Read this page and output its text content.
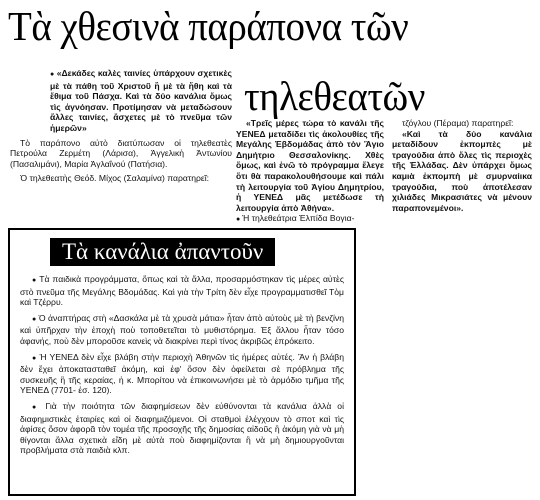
Τὰ χθεσινὰ παράπονα τῶν
τηλεθεατῶν

● «Δεκάδες καλὲς ταινίες ὑπάρχουν σχετικὲς μὲ τὰ πάθη τοῦ Χριστοῦ ἢ μὲ τὰ ἤθη καὶ τὰ ἔθιμα τοῦ Πάσχα. Καὶ τὰ δύο κανάλια ὅμως τὶς ἀγνόησαν. Προτίμησαν νὰ μεταδώσουν ἄλλες ταινίες, ἄσχετες μὲ τὸ πνεῦμα τῶν ἡμερῶν»

Τὸ παράπονο αὐτὸ διατύπωσαν οἱ τηλεθεατὲς Πετρούλα Ζερμέτη (Λάρισα), Ἀγγελικὴ Ἀντωνίου (Πασαλιμάνι), Μαρία Ἀγλαΐνού (Πατήσια).

Ὁ τηλεθεατὴς Θεόδ. Μίχος (Σαλαμίνα) παρατηρεῖ:

«Τρεῖς μέρες τώρα τὸ κανάλι τῆς ΥΕΝΕΔ μεταδίδει τὶς ἀκολουθίες τῆς Μεγάλης Ἑβδομάδας ἀπὸ τὸν Ἅγιο Δημήτριο Θεσσαλονίκης. Χθὲς ὅμως, καὶ ἐνῶ τὸ πρόγραμμα ἔλεγε ὅτι θὰ παρακολουθήσουμε καὶ πάλι τὴ λειτουργία τοῦ Ἁγίου Δημητρίου, ἡ ΥΕΝΕΔ μᾶς μετέδωσε τὴ λειτουργία ἀπὸ Ἀθήνα».

● Ἡ τηλεθεάτρια Ἐλπίδα Βογια-

τζόγλου (Πέραμα) παρατηρεῖ:

«Καὶ τὰ δύο κανάλια μεταδίδουν ἐκπομπὲς μὲ τραγούδια ἀπὸ ὅλες τὶς περιοχὲς τῆς Ἑλλάδας. Δὲν ὑπάρχει ὅμως καμιὰ ἐκπομπὴ μὲ σμυρναίικα τραγούδια, ποὺ ἀποτέλεσαν χιλιάδες Μικρασιάτες νὰ μένουν παραπονεμένοι».

Τὰ κανάλια ἀπαντοῦν

● Τὰ παιδικὰ προγράμματα, ὅπως καὶ τὰ ἄλλα, προσαρμόστηκαν τὶς μέρες αὐτὲς στὸ πνεῦμα τῆς Μεγάλης Βδομάδας. Καὶ γιὰ τὴν Τρίτη δὲν εἶχε προγραμματισθεῖ Τὸμ καὶ Τζέρρυ.

● Ὁ ἀναπτήρας στὴ «Δασκάλα μὲ τὰ χρυσὰ μάτια» ἦταν ἀπὸ αὐτοὺς μὲ τὴ βενζίνη καὶ ὑπῆρχαν τὴν ἐποχὴ ποὺ τοποθετεῖται τὸ μυθιστόρημα. Ἐξ ἄλλου ἦταν τόσο ἀφανής, ποὺ δὲν μποροῦσε κανεὶς νὰ διακρίνει περὶ τίνος ἀκριβῶς ἐπρόκειτο.

● Ἡ ΥΕΝΕΔ δὲν εἶχε βλάβη στὴν περιοχὴ Ἀθηνῶν τὶς ἡμέρες αὐτές. Ἂν ἡ βλάβη δὲν ἔχει ἀποκατασταθεῖ ἀκόμη, καὶ ἐφ' ὅσον δὲν ὀφείλεται σὲ πρόβλημα τῆς συσκευῆς ἢ τῆς κεραίας, ἡ κ. Μπορίτου νὰ ἐπικοινωνήσει μὲ τὸ ἁρμόδιο τμῆμα τῆς ΥΕΝΕΔ (7701- ἐσ. 120).

● Γιὰ τὴν ποιότητα τῶν διαφημίσεων δὲν εὐθύνονται τὰ κανάλια ἀλλὰ οἱ διαφημιστικὲς ἑταιρίες καὶ οἱ διαφημιζόμενοι. Οἱ σταθμοὶ ἐλέγχουν τὸ σποτ καὶ τὶς ἀφίσες ὅσον ἀφορᾶ τὸν τομέα τῆς προσοχῆς τῆς δημοσίας αἰδοῦς ἢ ἀκόμη γιὰ νὰ μὴ θίγονται ἄλλα σχετικὰ εἴδη μὲ αὐτὰ ποὺ διαφημίζονται ἢ νὰ μὴ δημιουργοῦνται προβλήματα στὰ παιδιὰ κλπ.
